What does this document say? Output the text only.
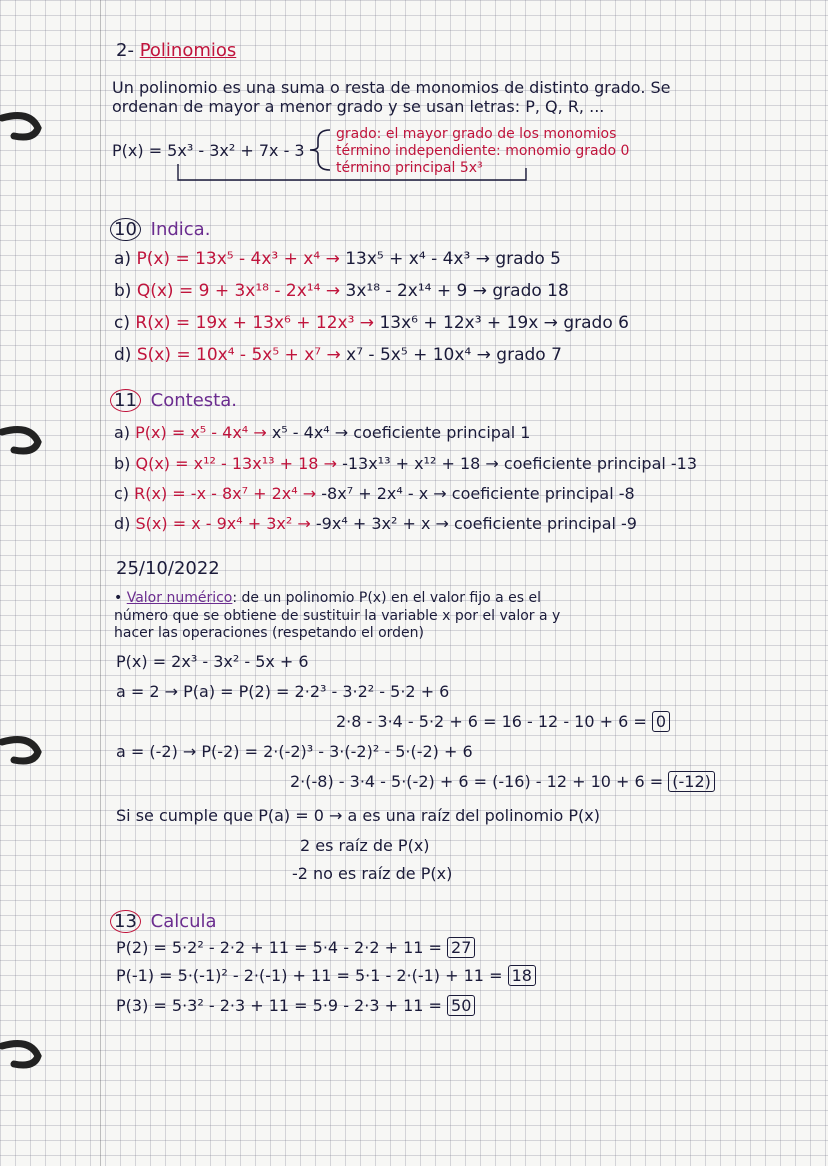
2- Polinomios
Un polinomio es una suma o resta de monomios de distinto grado. Se
ordenan de mayor a menor grado y se usan letras: P, Q, R, ...
P(x) = 5x³ - 3x² + 7x - 3
grado: el mayor grado de los monomios
término independiente: monomio grado 0
término principal 5x³
10 Indica.
a) P(x) = 13x⁵ - 4x³ + x⁴ → 13x⁵ + x⁴ - 4x³ → grado 5
b) Q(x) = 9 + 3x¹⁸ - 2x¹⁴ → 3x¹⁸ - 2x¹⁴ + 9 → grado 18
c) R(x) = 19x + 13x⁶ + 12x³ → 13x⁶ + 12x³ + 19x → grado 6
d) S(x) = 10x⁴ - 5x⁵ + x⁷ → x⁷ - 5x⁵ + 10x⁴ → grado 7
11 Contesta.
a) P(x) = x⁵ - 4x⁴ → x⁵ - 4x⁴ → coeficiente principal 1
b) Q(x) = x¹² - 13x¹³ + 18 → -13x¹³ + x¹² + 18 → coeficiente principal -13
c) R(x) = -x - 8x⁷ + 2x⁴ → -8x⁷ + 2x⁴ - x → coeficiente principal -8
d) S(x) = x - 9x⁴ + 3x² → -9x⁴ + 3x² + x → coeficiente principal -9
25/10/2022
• Valor numérico: de un polinomio P(x) en el valor fijo a es el
número que se obtiene de sustituir la variable x por el valor a y
hacer las operaciones (respetando el orden)
P(x) = 2x³ - 3x² - 5x + 6
a = 2 → P(a) = P(2) = 2·2³ - 3·2² - 5·2 + 6
2·8 - 3·4 - 5·2 + 6 = 16 - 12 - 10 + 6 = 0
a = (-2) → P(-2) = 2·(-2)³ - 3·(-2)² - 5·(-2) + 6
2·(-8) - 3·4 - 5·(-2) + 6 = (-16) - 12 + 10 + 6 = (-12)
Si se cumple que P(a) = 0 → a es una raíz del polinomio P(x)
2 es raíz de P(x)
-2 no es raíz de P(x)
13 Calcula
P(2) = 5·2² - 2·2 + 11 = 5·4 - 2·2 + 11 = 27
P(-1) = 5·(-1)² - 2·(-1) + 11 = 5·1 - 2·(-1) + 11 = 18
P(3) = 5·3² - 2·3 + 11 = 5·9 - 2·3 + 11 = 50
